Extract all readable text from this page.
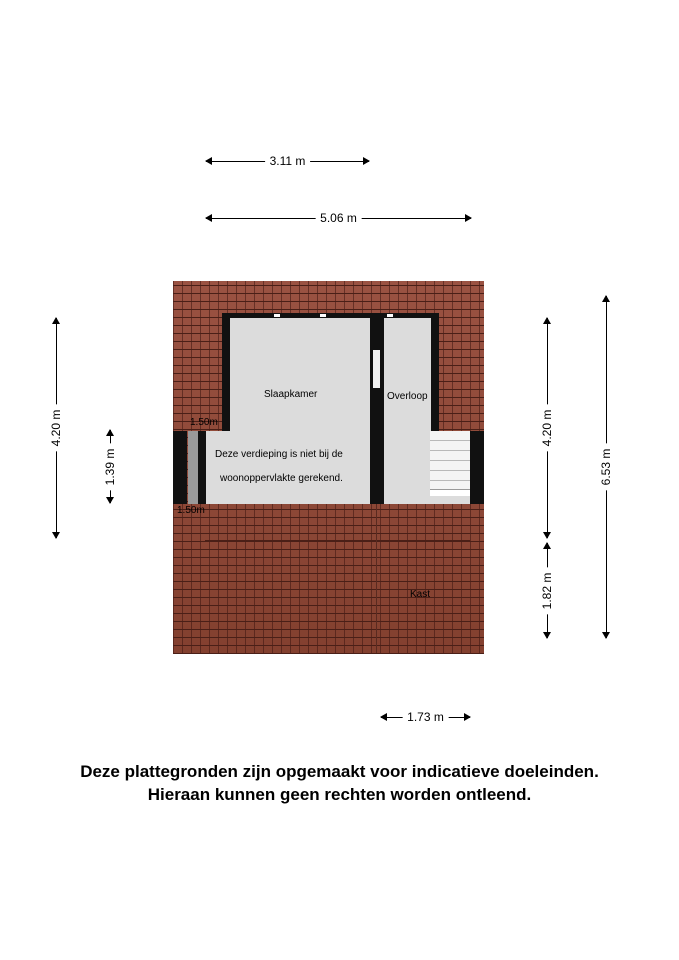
3.11 m
5.06 m
4.20 m
1.39 m
4.20 m
1.82 m
6.53 m
Slaapkamer	Overloop
Kast
1.50m
1.50m
Deze verdieping is niet bij de
woonoppervlakte gerekend.
1.73 m
Deze plattegronden zijn opgemaakt voor indicatieve doeleinden.
Hieraan kunnen geen rechten worden ontleend.
